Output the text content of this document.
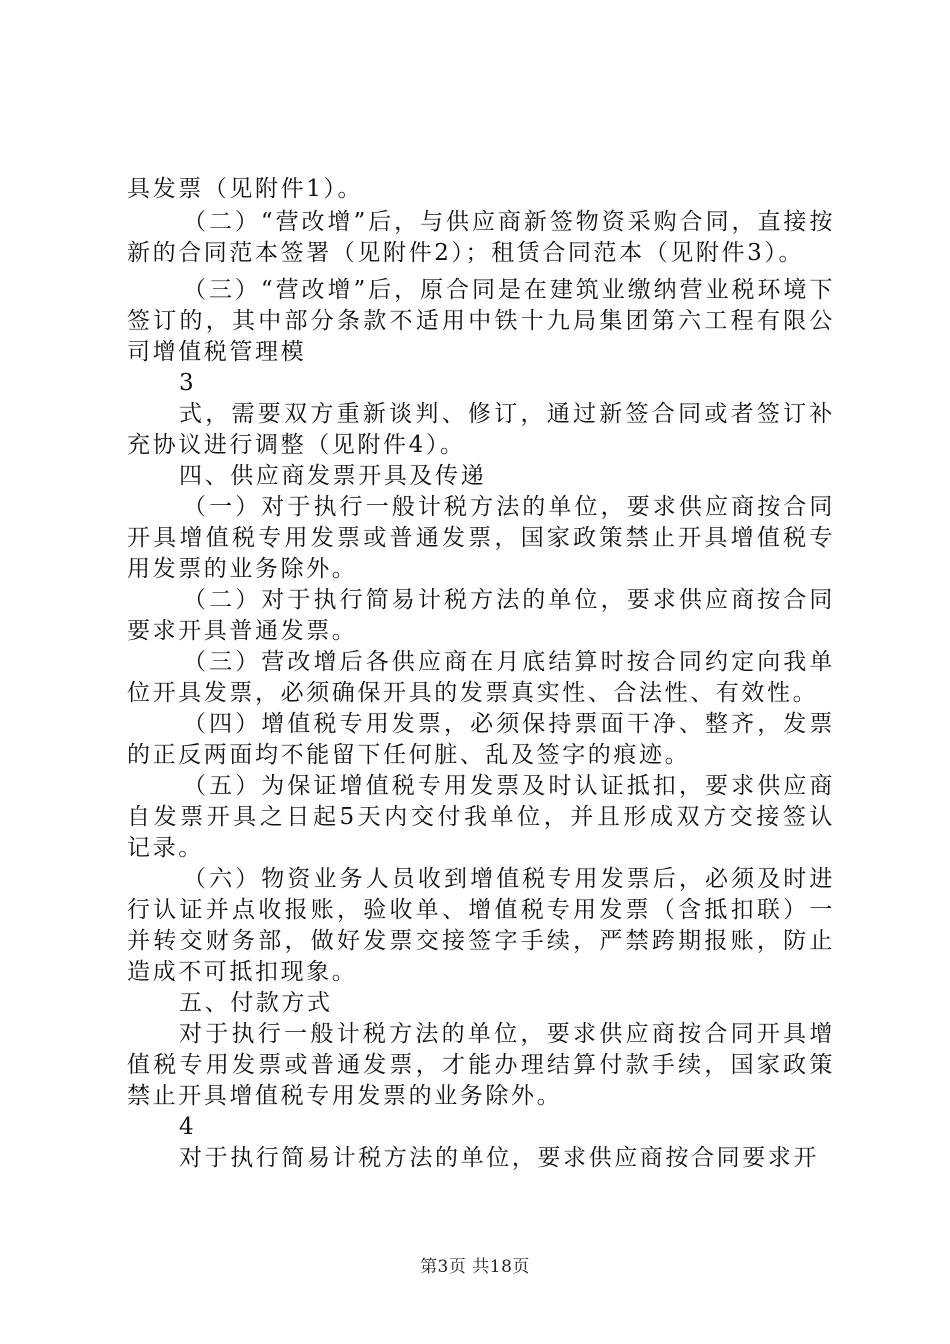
具发票（见附件1）。

（二）“营改增”后，与供应商新签物资采购合同，直接按新的合同范本签署（见附件2）；租赁合同范本（见附件3）。

（三）“营改增”后，原合同是在建筑业缴纳营业税环境下签订的，其中部分条款不适用中铁十九局集团第六工程有限公司增值税管理模

3

式，需要双方重新谈判、修订，通过新签合同或者签订补充协议进行调整（见附件4）。

四、供应商发票开具及传递

（一）对于执行一般计税方法的单位，要求供应商按合同开具增值税专用发票或普通发票，国家政策禁止开具增值税专用发票的业务除外。

（二）对于执行简易计税方法的单位，要求供应商按合同要求开具普通发票。

（三）营改增后各供应商在月底结算时按合同约定向我单位开具发票，必须确保开具的发票真实性、合法性、有效性。

（四）增值税专用发票，必须保持票面干净、整齐，发票的正反两面均不能留下任何脏、乱及签字的痕迹。

（五）为保证增值税专用发票及时认证抵扣，要求供应商自发票开具之日起5天内交付我单位，并且形成双方交接签认记录。

（六）物资业务人员收到增值税专用发票后，必须及时进行认证并点收报账，验收单、增值税专用发票（含抵扣联）一并转交财务部，做好发票交接签字手续，严禁跨期报账，防止造成不可抵扣现象。

五、付款方式

对于执行一般计税方法的单位，要求供应商按合同开具增值税专用发票或普通发票，才能办理结算付款手续，国家政策禁止开具增值税专用发票的业务除外。

4

对于执行简易计税方法的单位，要求供应商按合同要求开

第3页 共18页
